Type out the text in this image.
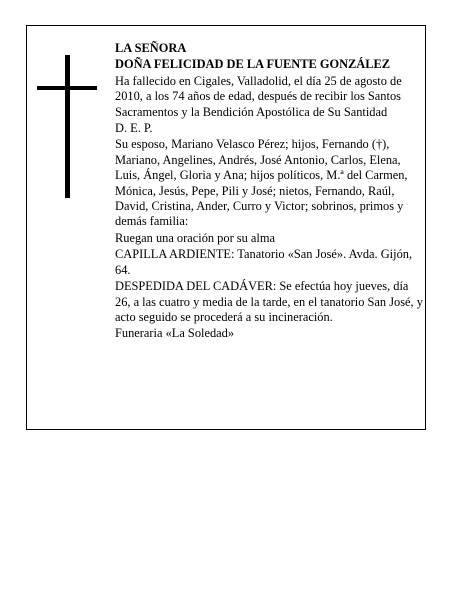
LA SEÑORA

DOÑA FELICIDAD DE LA FUENTE GONZÁLEZ

Ha fallecido en Cigales, Valladolid, el día 25 de agosto de 2010, a los 74 años de edad, después de recibir los Santos Sacramentos y la Bendición Apostólica de Su Santidad

D. E. P.

Su esposo, Mariano Velasco Pérez; hijos, Fernando (†), Mariano, Angelines, Andrés, José Antonio, Carlos, Elena, Luis, Ángel, Gloria y Ana; hijos políticos, M.ª del Carmen, Mónica, Jesús, Pepe, Pili y José; nietos, Fernando, Raúl, David, Cristina, Ander, Curro y Victor; sobrinos, primos y demás familia:

Ruegan una oración por su alma

CAPILLA ARDIENTE: Tanatorio «San José». Avda. Gijón, 64.

DESPEDIDA DEL CADÁVER: Se efectúa hoy jueves, día 26, a las cuatro y media de la tarde, en el tanatorio San José, y acto seguido se procederá a su incineración.

Funeraria «La Soledad»
